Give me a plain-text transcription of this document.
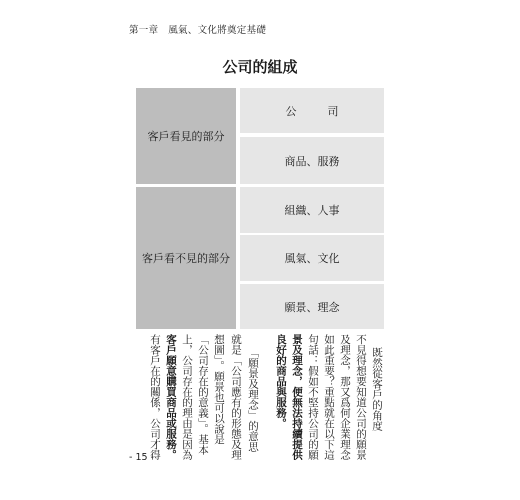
第一章　風氣、文化將奠定基礎
公司的組成
客戶看見的部分
客戶看不見的部分
公　司
商品、服務
組織、人事
風氣、文化
願景、理念
既然從客戶的角度
不見得想要知道公司的願景
及理念，那又爲何企業理念
如此重要？重點就在以下這
句話：假如不堅持公司的願
景及理念，便無法持續提供
良好的商品與服務。
「願景及理念」的意思
就是「公司應有的形態及理
想圖」。願景也可以說是
「公司存在的意義」。基本
上，公司存在的理由是因為
客戶願意購買商品或服務。
有客戶在的關係，公司才得
- 15 -
